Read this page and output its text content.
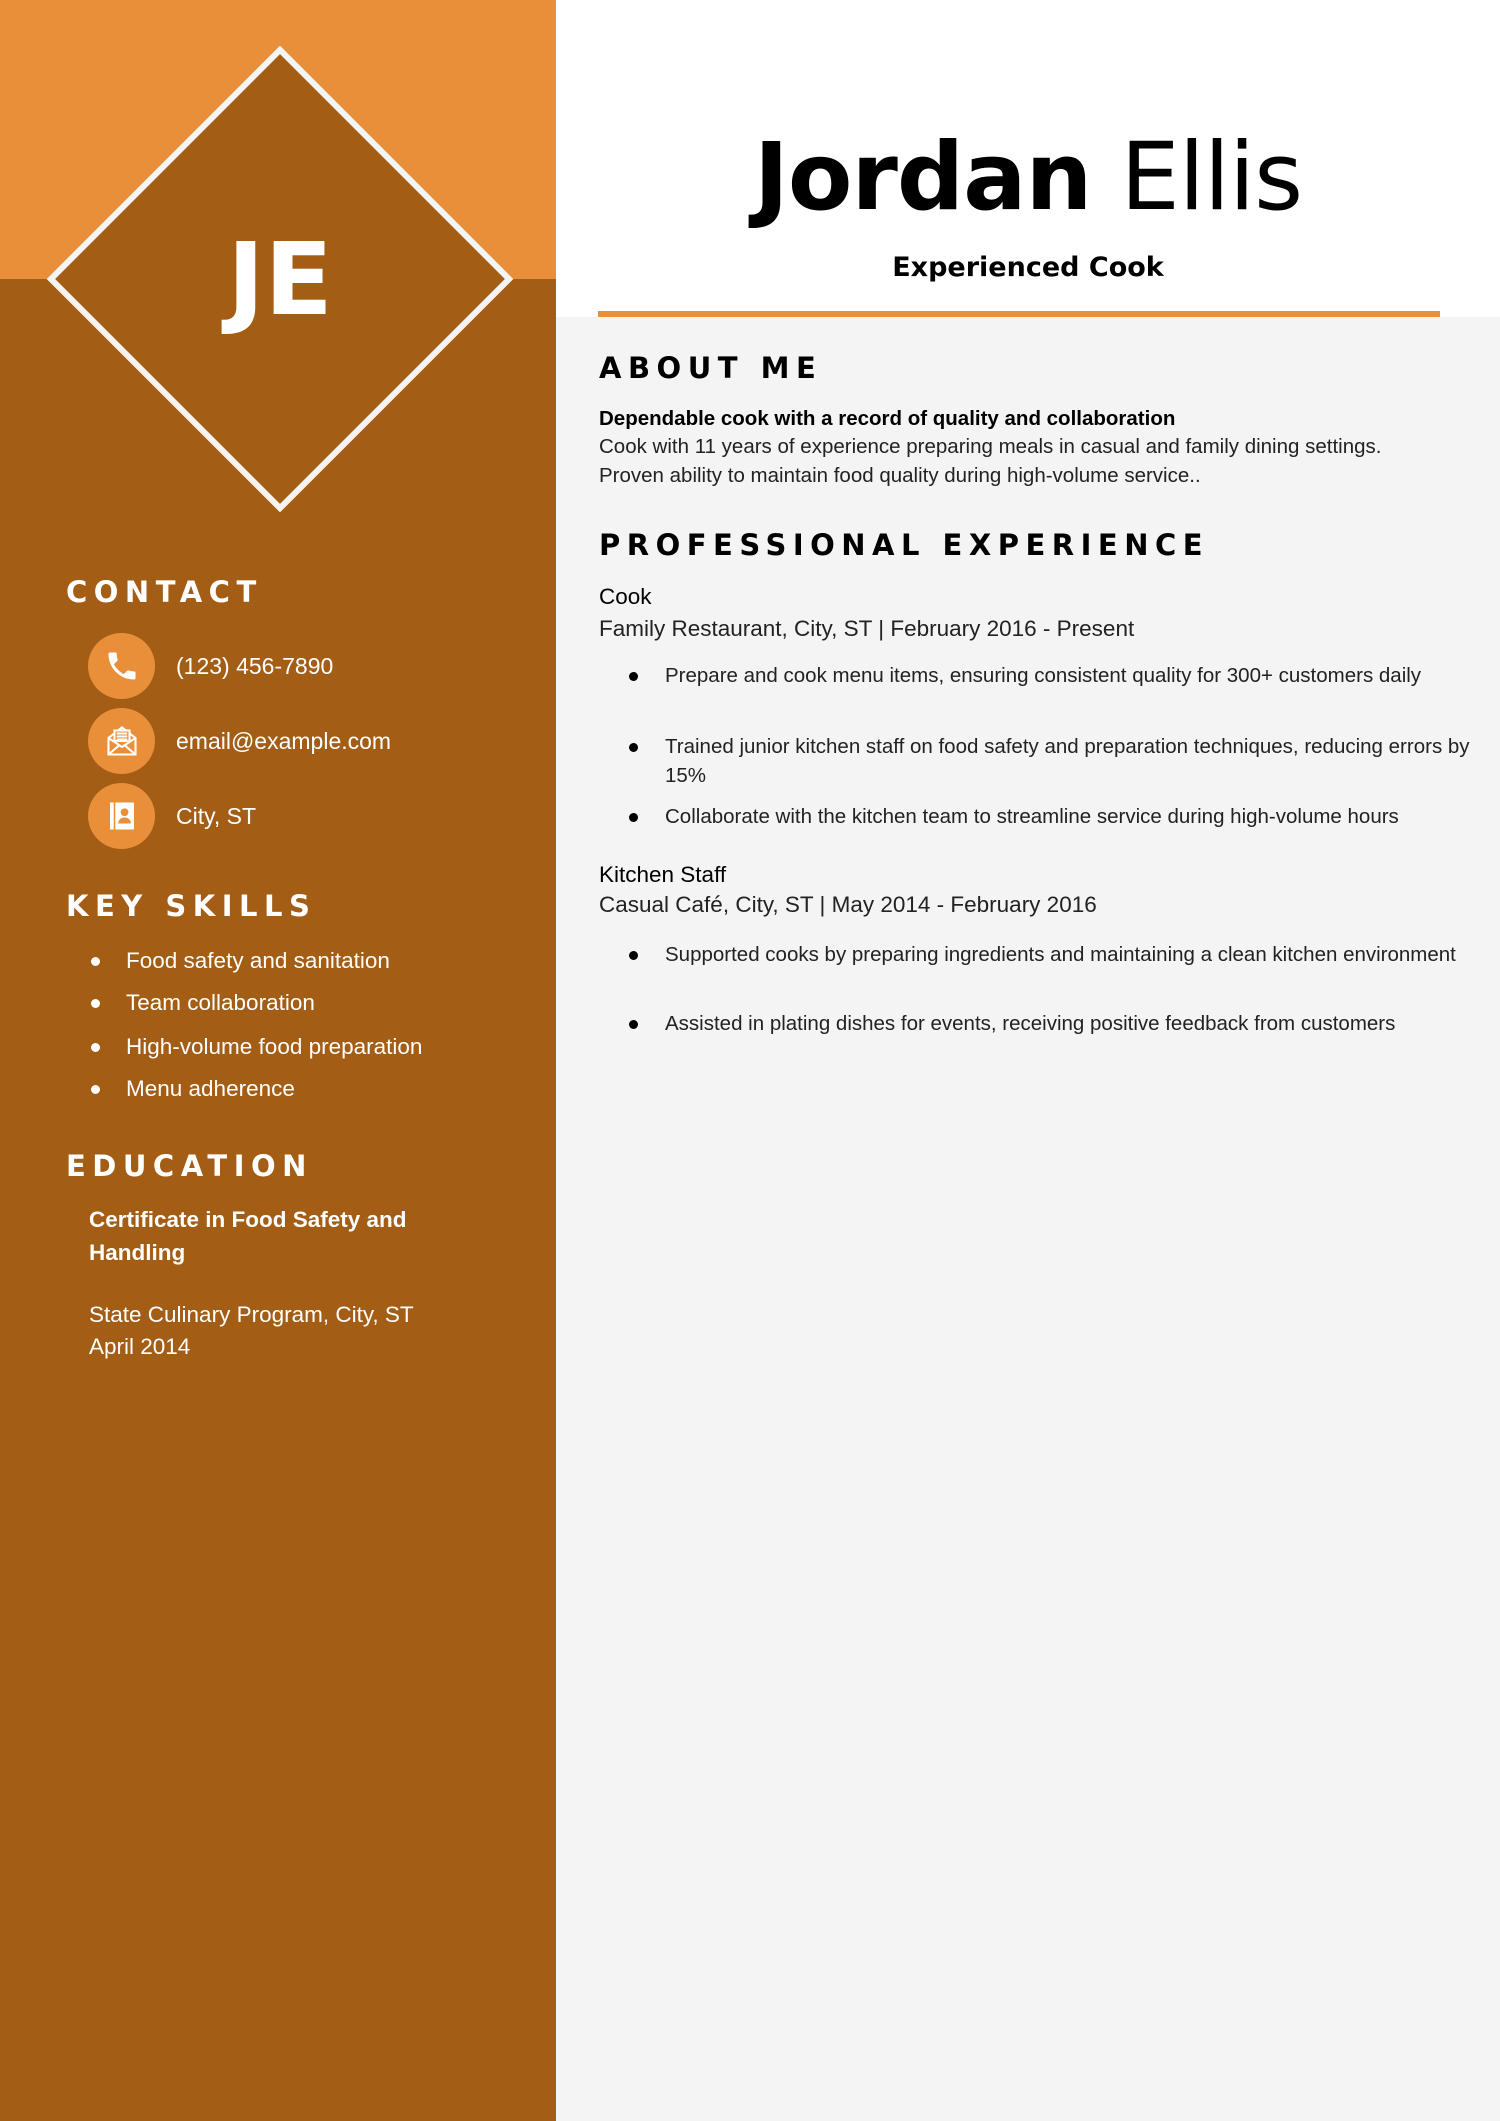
JE
CONTACT
(123) 456-7890
email@example.com
City, ST
KEY SKILLS
Food safety and sanitation
Team collaboration
High-volume food preparation
Menu adherence
EDUCATION
Certificate in Food Safety and
Handling
State Culinary Program, City, ST
April 2014
Jordan Ellis
Experienced Cook
ABOUT ME
Dependable cook with a record of quality and collaboration
Cook with 11 years of experience preparing meals in casual and family dining settings.
Proven ability to maintain food quality during high-volume service..
PROFESSIONAL EXPERIENCE
Cook
Family Restaurant, City, ST | February 2016 - Present
Prepare and cook menu items, ensuring consistent quality for 300+ customers daily
Trained junior kitchen staff on food safety and preparation techniques, reducing errors by 15%
Collaborate with the kitchen team to streamline service during high-volume hours
Kitchen Staff
Casual Café, City, ST | May 2014 - February 2016
Supported cooks by preparing ingredients and maintaining a clean kitchen environment
Assisted in plating dishes for events, receiving positive feedback from customers
